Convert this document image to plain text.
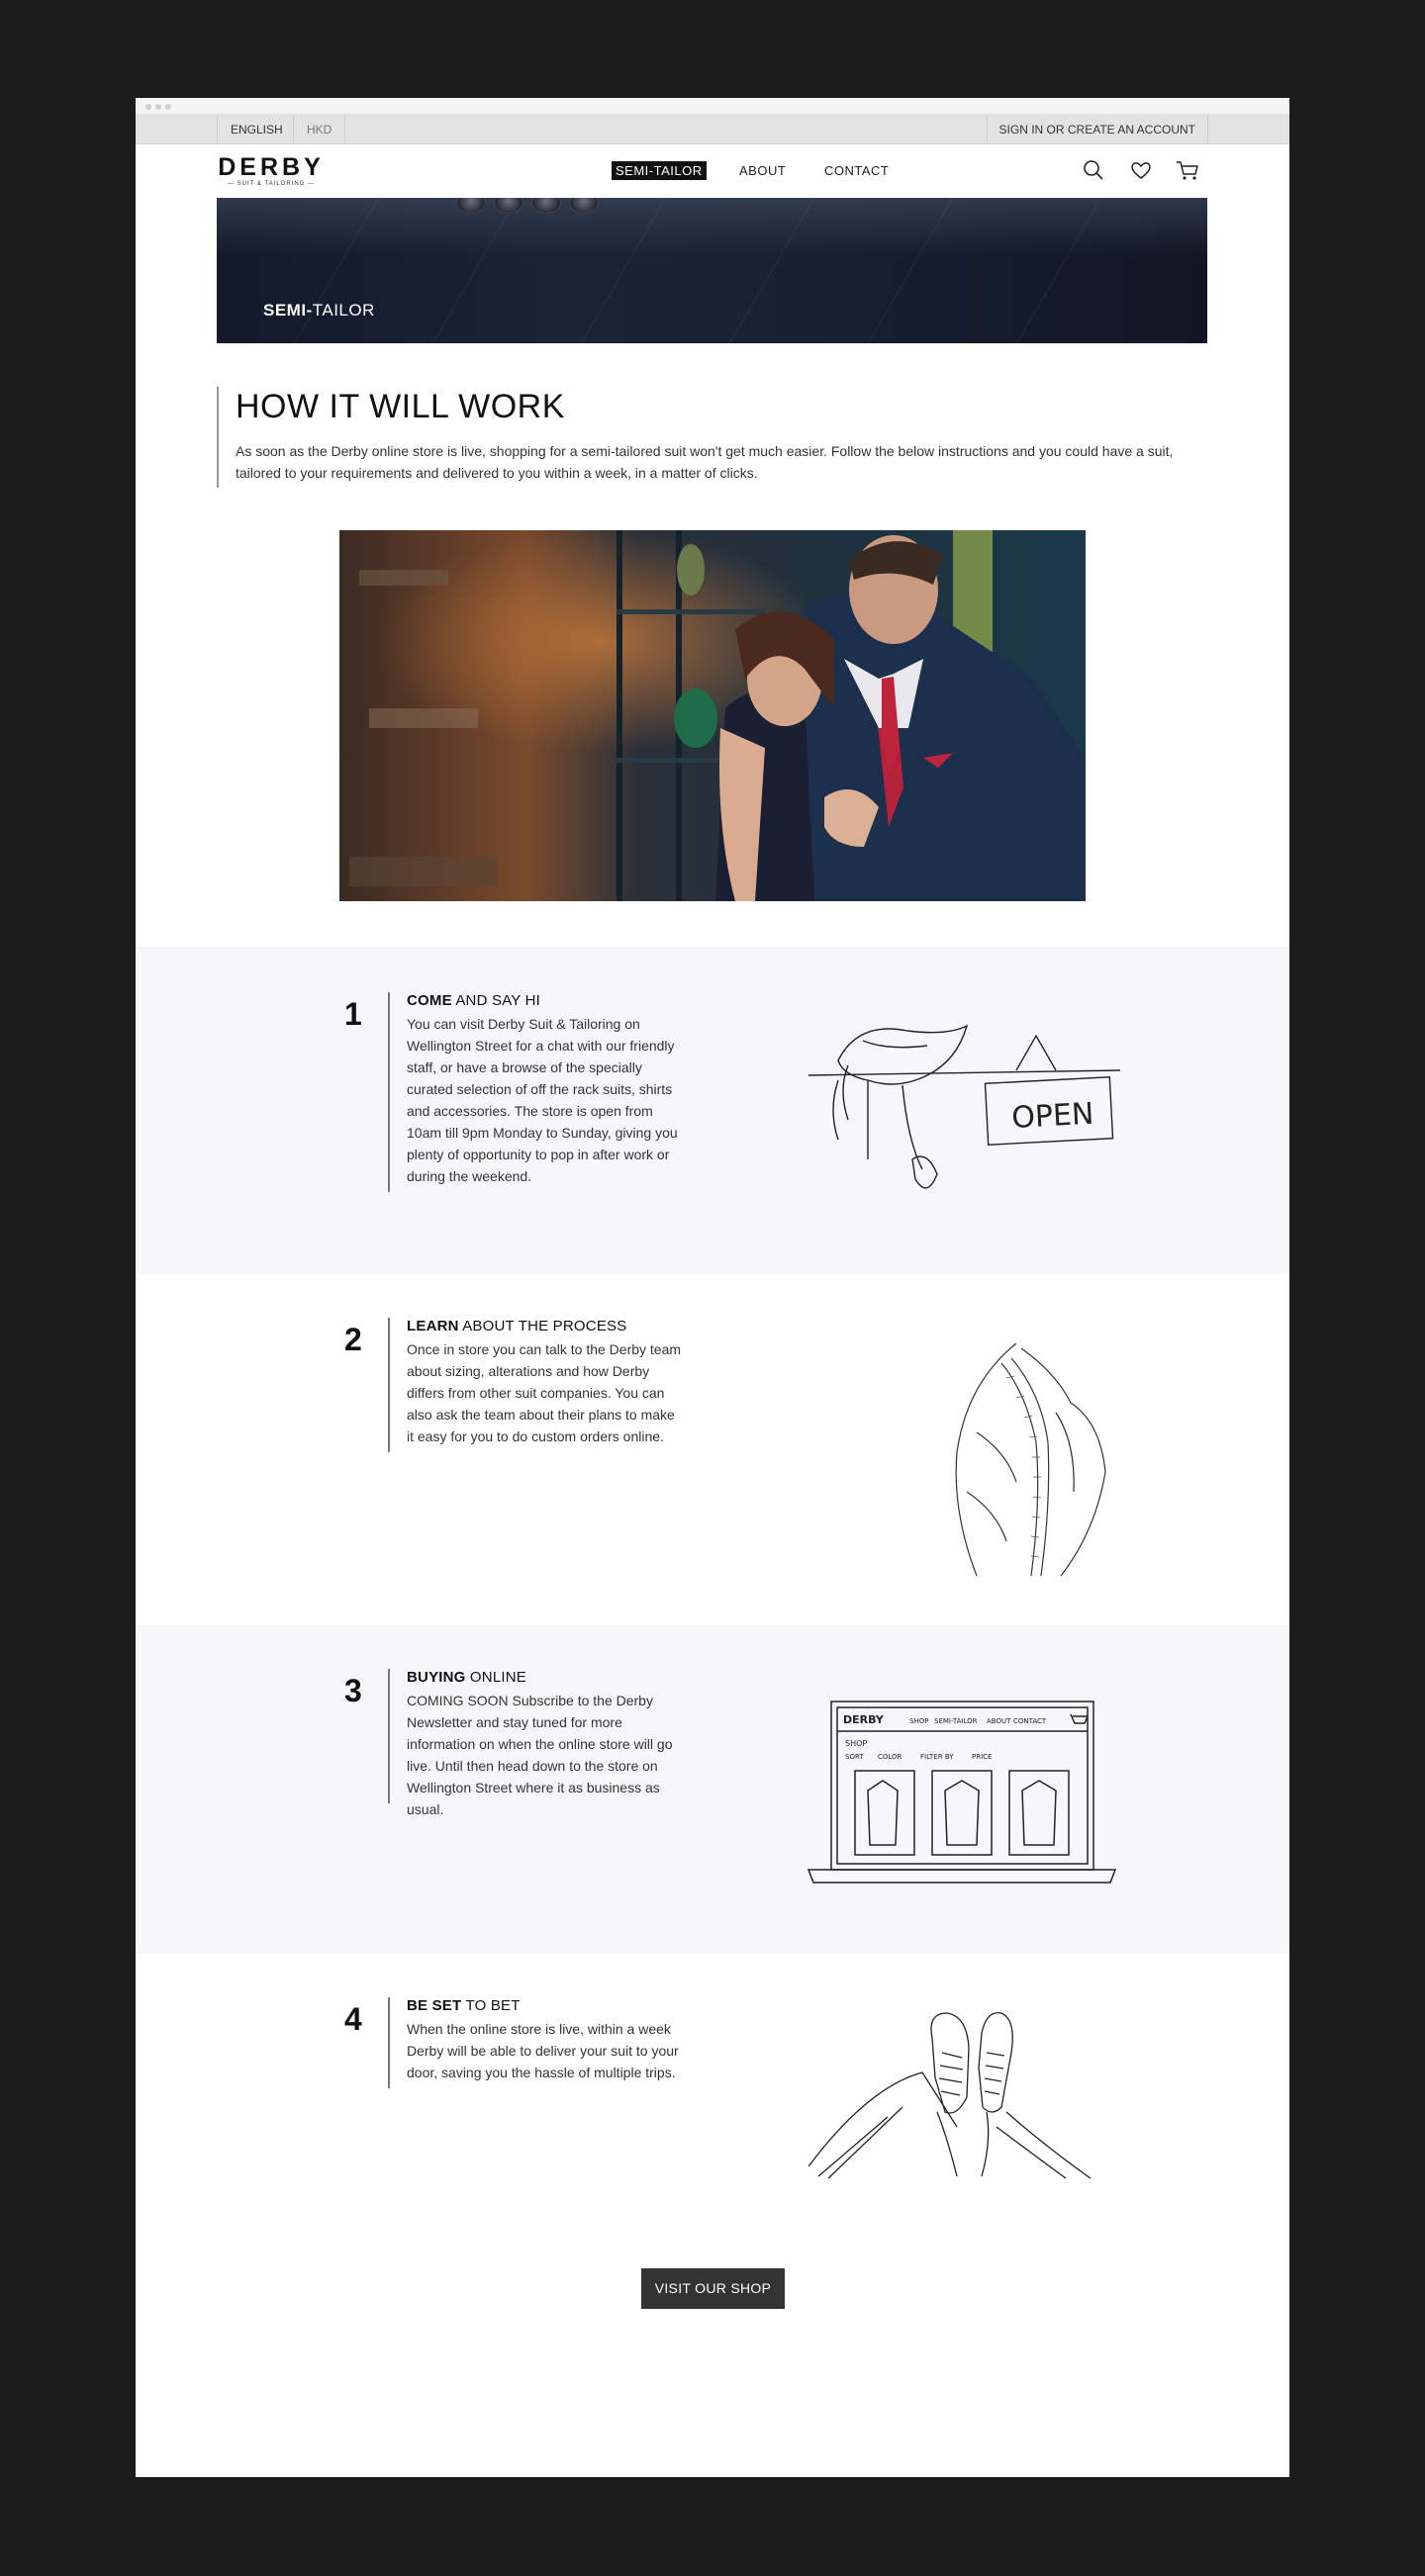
ENGLISH	HKD	SIGN IN OR CREATE AN ACCOUNT
DERBY
— SUIT & TAILORING —
SEMI-TAILOR	ABOUT	CONTACT
SEMI-TAILOR
HOW IT WILL WORK

As soon as the Derby online store is live, shopping for a semi-tailored suit won't get much easier. Follow the below instructions and you could have a suit, tailored to your requirements and delivered to you within a week, in a matter of clicks.

1	COME AND SAY HI

You can visit Derby Suit & Tailoring on Wellington Street for a chat with our friendly staff, or have a browse of the specially curated selection of off the rack suits, shirts and accessories. The store is open from 10am till 9pm Monday to Sunday, giving you plenty of opportunity to pop in after work or during the weekend.

OPEN
2	LEARN ABOUT THE PROCESS

Once in store you can talk to the Derby team about sizing, alterations and how Derby differs from other suit companies. You can also ask the team about their plans to make it easy for you to do custom orders online.

3	BUYING ONLINE

COMING SOON Subscribe to the Derby Newsletter and stay tuned for more information on when the online store will go live. Until then head down to the store on Wellington Street where it as business as usual.

DERBY	SHOP SEMI-TAILOR ABOUT CONTACT
SHOP
SORT COLOR	FILTER BY	PRICE
4	BE SET TO BET

When the online store is live, within a week Derby will be able to deliver your suit to your door, saving you the hassle of multiple trips.

VISIT OUR SHOP
